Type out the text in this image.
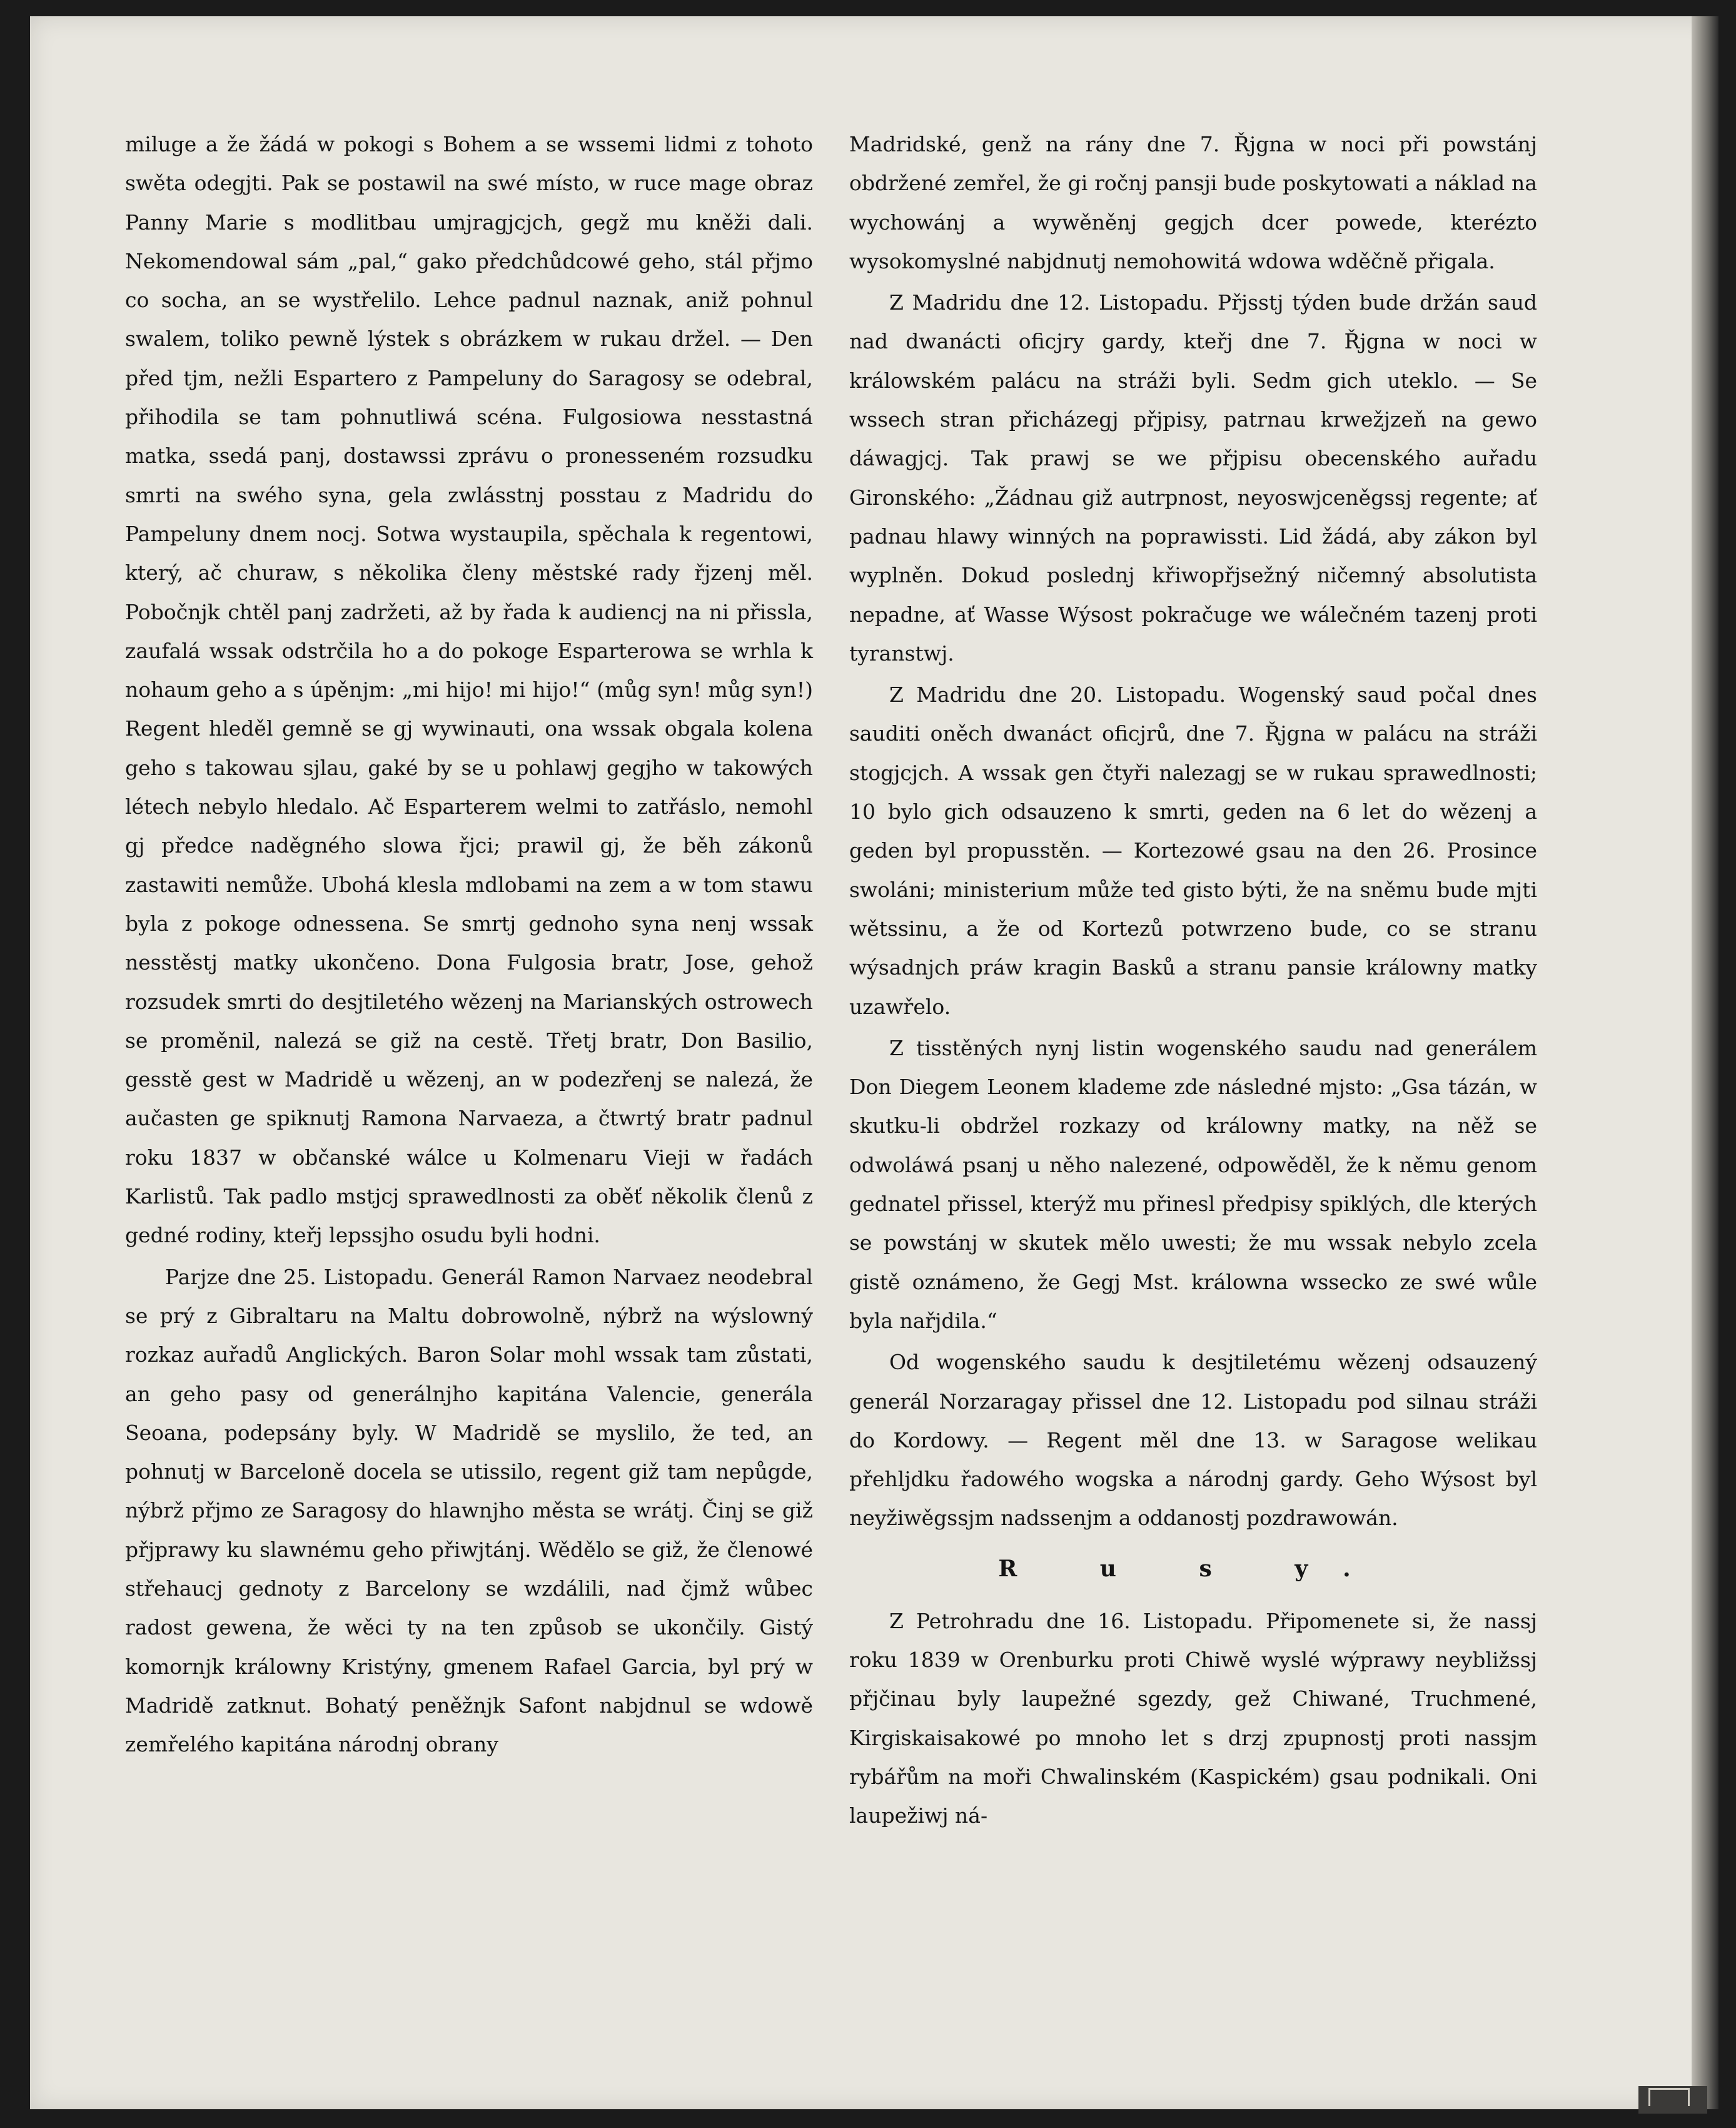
miluge a že žádá w pokogi s Bohem a se wssemi lidmi z tohoto swěta odegjti. Pak se postawil na swé místo, w ruce mage obraz Panny Marie s modlitbau umjragjcjch, gegž mu kněži dali. Nekomendowal sám „pal,“ gako předchůdcowé geho, stál přjmo co socha, an se wystřelilo. Lehce padnul naznak, aniž pohnul swalem, toliko pewně lýstek s obrázkem w rukau držel. — Den před tjm, nežli Espartero z Pampeluny do Saragosy se odebral, přihodila se tam pohnutliwá scéna. Fulgosiowa nesstastná matka, ssedá panj, dostawssi zprávu o pronesseném rozsudku smrti na swého syna, gela zwlásstnj posstau z Madridu do Pampeluny dnem nocj. Sotwa wystaupila, spěchala k regentowi, který, ač churaw, s několika členy městské rady řjzenj měl. Pobočnjk chtěl panj zadržeti, až by řada k audiencj na ni přissla, zaufalá wssak odstrčila ho a do pokoge Esparterowa se wrhla k nohaum geho a s úpěnjm: „mi hijo! mi hijo!“ (můg syn! můg syn!) Regent hleděl gemně se gj wywinauti, ona wssak obgala kolena geho s takowau sjlau, gaké by se u pohlawj gegjho w takowých létech nebylo hledalo. Ač Esparterem welmi to zatřáslo, nemohl gj předce naděgného slowa řjci; prawil gj, že běh zákonů zastawiti nemůže. Ubohá klesla mdlobami na zem a w tom stawu byla z pokoge odnessena. Se smrtj gednoho syna nenj wssak nesstěstj matky ukončeno. Dona Fulgosia bratr, Jose, gehož rozsudek smrti do desjtiletého wězenj na Marianských ostrowech se proměnil, nalezá se giž na cestě. Třetj bratr, Don Basilio, gesstě gest w Madridě u wězenj, an w podezřenj se nalezá, že aučasten ge spiknutj Ramona Narvaeza, a čtwrtý bratr padnul roku 1837 w občanské wálce u Kolmenaru Vieji w řadách Karlistů. Tak padlo mstjcj sprawedlnosti za oběť několik členů z gedné rodiny, kteřj lepssjho osudu byli hodni.

Parjze dne 25. Listopadu. Generál Ramon Narvaez neodebral se prý z Gibraltaru na Maltu dobrowolně, nýbrž na wýslowný rozkaz auřadů Anglických. Baron Solar mohl wssak tam zůstati, an geho pasy od generálnjho kapitána Valencie, generála Seoana, podepsány byly. W Madridě se myslilo, že ted, an pohnutj w Barceloně docela se utissilo, regent giž tam nepůgde, nýbrž přjmo ze Saragosy do hlawnjho města se wrátj. Činj se giž přjprawy ku slawnému geho přiwjtánj. Wědělo se giž, že členowé střehaucj gednoty z Barcelony se wzdálili, nad čjmž wůbec radost gewena, že wěci ty na ten způsob se ukončily. Gistý komornjk králowny Kristýny, gmenem Rafael Garcia, byl prý w Madridě zatknut. Bohatý peněžnjk Safont nabjdnul se wdowě zemřelého kapitána národnj obrany

Madridské, genž na rány dne 7. Řjgna w noci při powstánj obdržené zemřel, že gi ročnj pansji bude poskytowati a náklad na wychowánj a wywěněnj gegjch dcer powede, kterézto wysokomyslné nabjdnutj nemohowitá wdowa wděčně přigala.

Z Madridu dne 12. Listopadu. Přjsstj týden bude držán saud nad dwanácti oficjry gardy, kteřj dne 7. Řjgna w noci w králowském palácu na stráži byli. Sedm gich uteklo. — Se wssech stran přicházegj přjpisy, patrnau krwežjzeň na gewo dáwagjcj. Tak prawj se we přjpisu obecenského auřadu Gironského: „Žádnau giž autrpnost, neyoswjceněgssj regente; ať padnau hlawy winných na poprawissti. Lid žádá, aby zákon byl wyplněn. Dokud poslednj křiwopřjsežný ničemný absolutista nepadne, ať Wasse Wýsost pokračuge we wálečném tazenj proti tyranstwj.

Z Madridu dne 20. Listopadu. Wogenský saud počal dnes sauditi oněch dwanáct oficjrů, dne 7. Řjgna w palácu na stráži stogjcjch. A wssak gen čtyři nalezagj se w rukau sprawedlnosti; 10 bylo gich odsauzeno k smrti, geden na 6 let do wězenj a geden byl propusstěn. — Kortezowé gsau na den 26. Prosince swoláni; ministerium může ted gisto býti, že na sněmu bude mjti wětssinu, a že od Kortezů potwrzeno bude, co se stranu wýsadnjch práw kragin Basků a stranu pansie králowny matky uzawřelo.

Z tisstěných nynj listin wogenského saudu nad generálem Don Diegem Leonem klademe zde následné mjsto: „Gsa tázán, w skutku-li obdržel rozkazy od králowny matky, na něž se odwoláwá psanj u něho nalezené, odpowěděl, že k němu genom gednatel přissel, kterýž mu přinesl předpisy spiklých, dle kterých se powstánj w skutek mělo uwesti; že mu wssak nebylo zcela gistě oznámeno, že Gegj Mst. králowna wssecko ze swé wůle byla nařjdila.“

Od wogenského saudu k desjtiletému wězenj odsauzený generál Norzaragay přissel dne 12. Listopadu pod silnau stráži do Kordowy. — Regent měl dne 13. w Saragose welikau přehljdku řadowého wogska a národnj gardy. Geho Wýsost byl neyžiwěgssjm nadssenjm a oddanostj pozdrawowán.

R u s y.

Z Petrohradu dne 16. Listopadu. Připomenete si, že nassj roku 1839 w Orenburku proti Chiwě wyslé wýprawy neybližssj přjčinau byly laupežné sgezdy, gež Chiwané, Truchmené, Kirgiskaisakowé po mnoho let s drzj zpupnostj proti nassjm rybářům na moři Chwalinském (Kaspickém) gsau podnikali. Oni laupežiwj ná-
